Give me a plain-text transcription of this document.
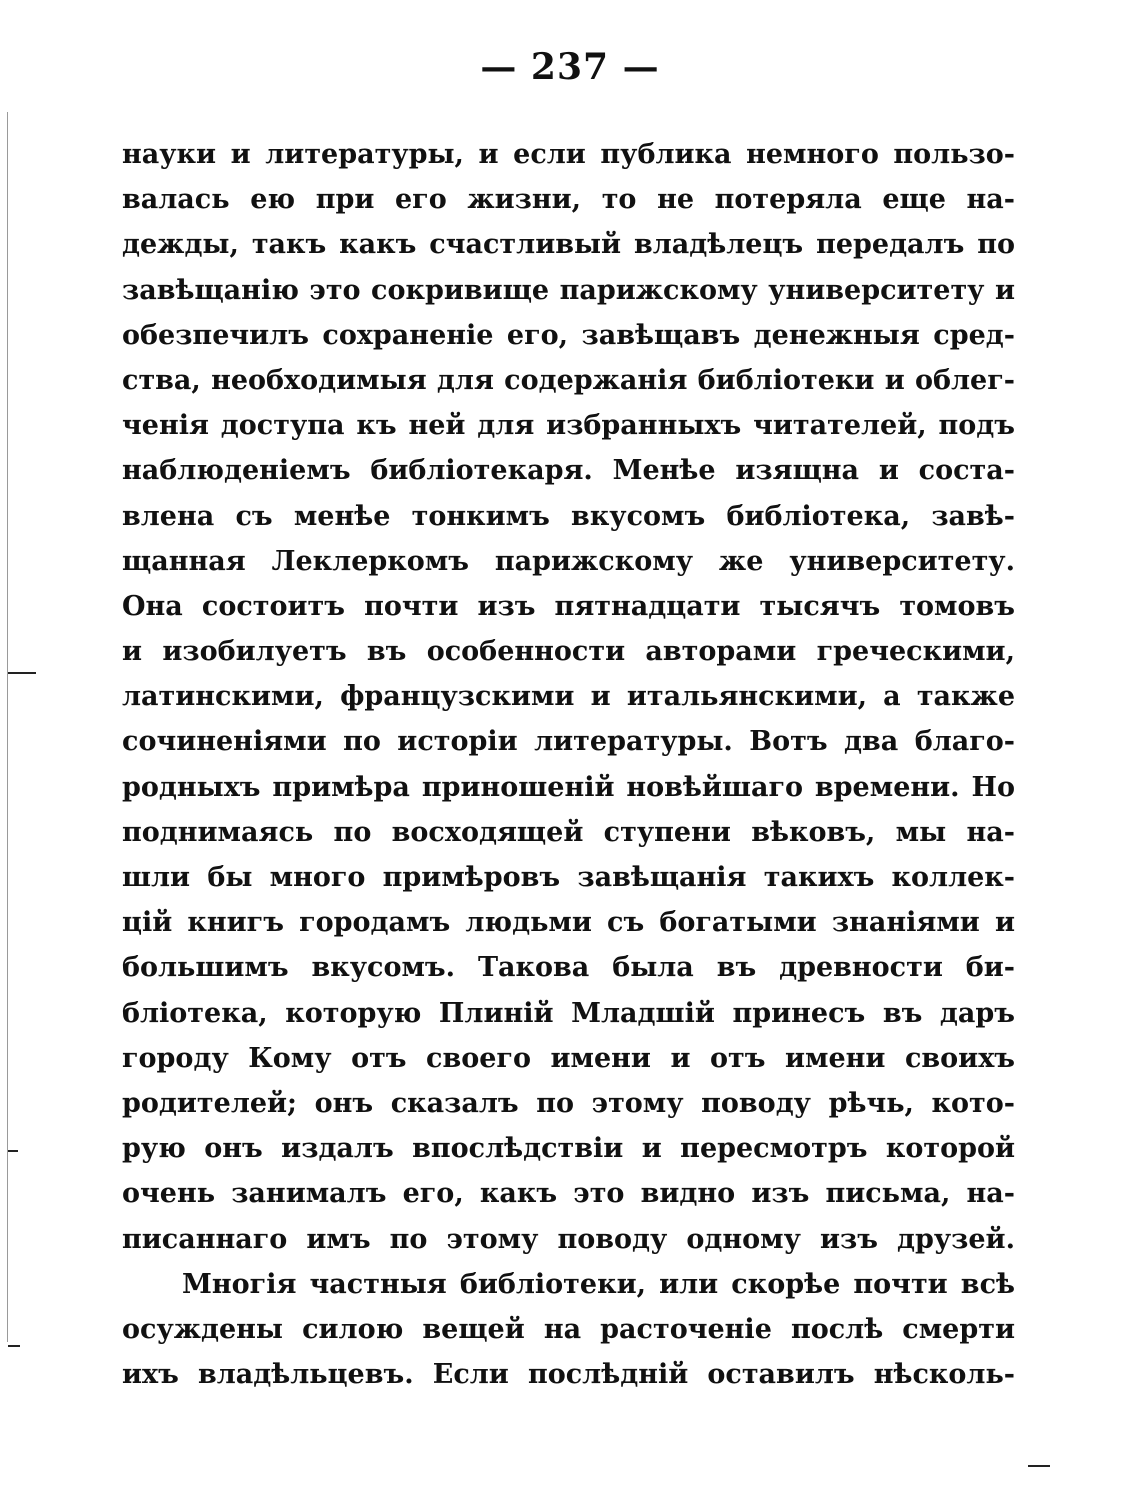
— 237 —
науки и литературы, и если публика немного пользо-
валась ею при его жизни, то не потеряла еще на-
дежды, такъ какъ счастливый владѣлецъ передалъ по
завѣщанію это сокривище парижскому университету и
обезпечилъ сохраненіе его, завѣщавъ денежныя сред-
ства, необходимыя для содержанія библіотеки и облег-
ченія доступа къ ней для избранныхъ читателей, подъ
наблюденіемъ библіотекаря. Менѣе изящна и соста-
влена съ менѣе тонкимъ вкусомъ библіотека, завѣ-
щанная Леклеркомъ парижскому же университету.
Она состоитъ почти изъ пятнадцати тысячъ томовъ
и изобилуетъ въ особенности авторами греческими,
латинскими, французскими и итальянскими, а также
сочиненіями по исторіи литературы. Вотъ два благо-
родныхъ примѣра приношеній новѣйшаго времени. Но
поднимаясь по восходящей ступени вѣковъ, мы на-
шли бы много примѣровъ завѣщанія такихъ коллек-
цій книгъ городамъ людьми съ богатыми знаніями и
большимъ вкусомъ. Такова была въ древности би-
бліотека, которую Плиній Младшій принесъ въ даръ
городу Кому отъ своего имени и отъ имени своихъ
родителей; онъ сказалъ по этому поводу рѣчь, кото-
рую онъ издалъ впослѣдствіи и пересмотръ которой
очень занималъ его, какъ это видно изъ письма, на-
писаннаго имъ по этому поводу одному изъ друзей.
Многія частныя библіотеки, или скорѣе почти всѣ
осуждены силою вещей на расточеніе послѣ смерти
ихъ владѣльцевъ. Если послѣдній оставилъ нѣсколь-
